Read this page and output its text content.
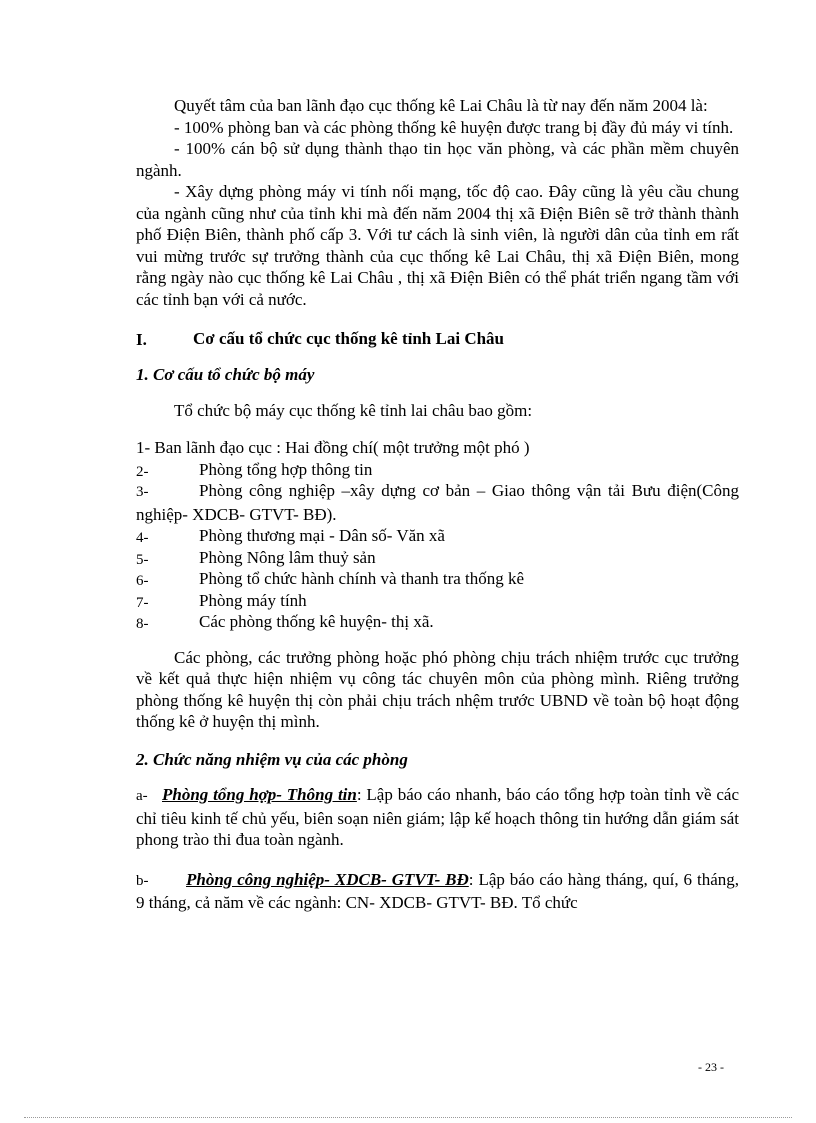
Quyết tâm của ban lãnh đạo cục thống kê Lai Châu là từ nay đến năm 2004 là:

- 100% phòng ban và các phòng thống kê huyện được trang bị đầy đủ máy vi tính.

- 100% cán bộ sử dụng thành thạo tin học văn phòng, và các phần mềm chuyên ngành.

- Xây dựng phòng máy vi tính nối mạng, tốc độ cao. Đây cũng là yêu cầu chung của ngành cũng như của tỉnh khi mà đến năm 2004 thị xã Điện Biên sẽ trở thành thành phố Điện Biên, thành phố cấp 3. Với tư cách là sinh viên, là người dân của tỉnh em rất vui mừng trước sự trưởng thành của cục thống kê Lai Châu, thị xã Điện Biên, mong rằng ngày nào cục thống kê Lai Châu , thị xã Điện Biên có thể phát triển ngang tầm với các tỉnh bạn với cả nước.

I.	Cơ cấu tổ chức cục thống kê tỉnh Lai Châu
1. Cơ cấu tổ chức bộ máy

Tổ chức bộ máy cục thống kê tỉnh lai châu bao gồm:

1- Ban lãnh đạo cục : Hai đồng chí( một trưởng một phó )

2-	Phòng tổng hợp thông tin
3-	Phòng công nghiệp –xây dựng cơ bản – Giao thông vận tải Bưu điện(Công nghiệp- XDCB- GTVT- BĐ).
4-	Phòng thương mại - Dân số- Văn xã
5-	Phòng Nông lâm thuỷ sản
6-	Phòng tổ chức hành chính và thanh tra thống kê
7-	Phòng máy tính
8-	Các phòng thống kê huyện- thị xã.

Các phòng, các trưởng phòng hoặc phó phòng chịu trách nhiệm trước cục trưởng về kết quả thực hiện nhiệm vụ công tác chuyên môn của phòng mình. Riêng trưởng phòng thống kê huyện thị còn phải chịu trách nhệm trước UBND về toàn bộ hoạt động thống kê ở huyện thị mình.

2. Chức năng nhiệm vụ của các phòng

a- Phòng tổng hợp- Thông tin: Lập báo cáo nhanh, báo cáo tổng hợp toàn tỉnh về các chỉ tiêu kinh tế chủ yếu, biên soạn niên giám; lập kế hoạch thông tin hướng dẫn giám sát phong trào thi đua toàn ngành.

b- Phòng công nghiệp- XDCB- GTVT- BĐ: Lập báo cáo hàng tháng, quí, 6 tháng, 9 tháng, cả năm về các ngành: CN- XDCB- GTVT- BĐ. Tổ chức

- 23 -
